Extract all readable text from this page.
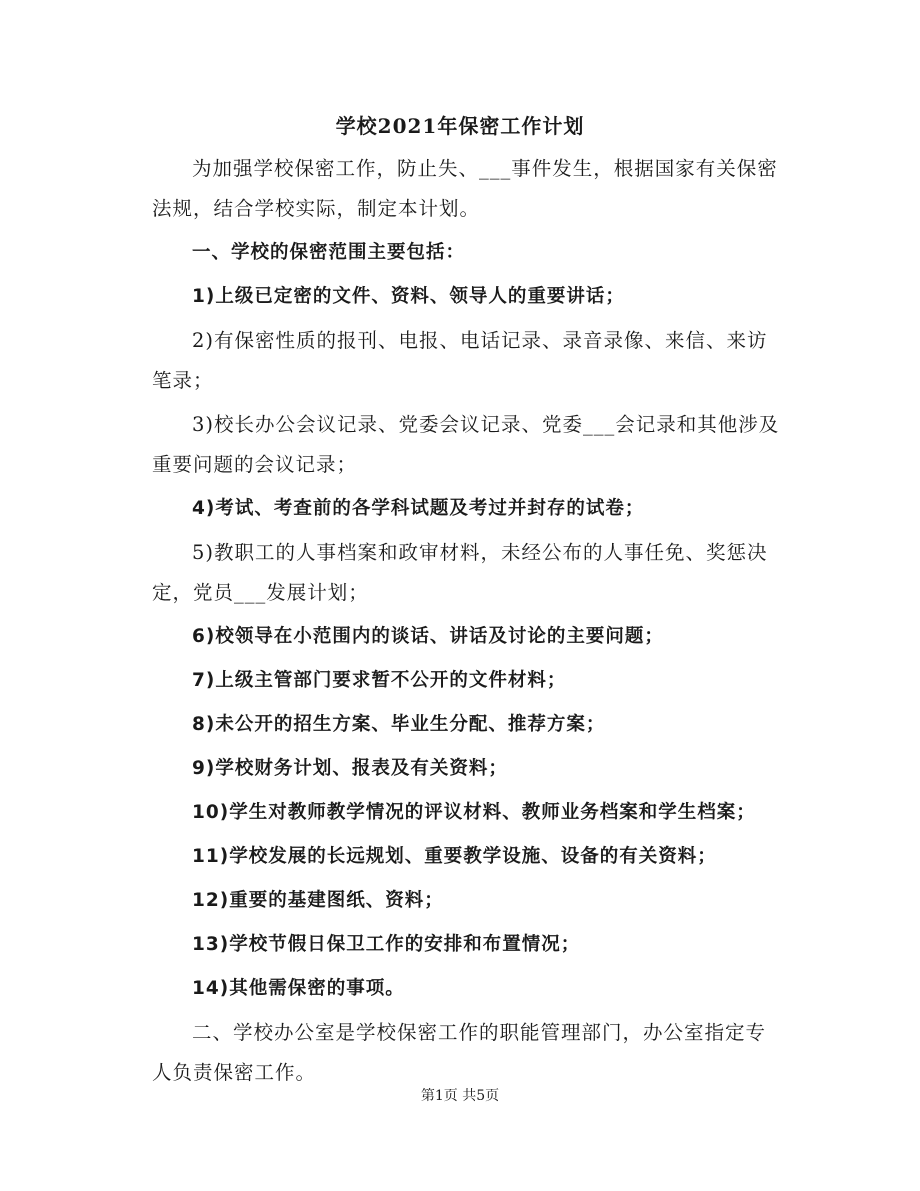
学校2021年保密工作计划

为加强学校保密工作，防止失、___事件发生，根据国家有关保密法规，结合学校实际，制定本计划。

一、学校的保密范围主要包括：

1)上级已定密的文件、资料、领导人的重要讲话；

2)有保密性质的报刊、电报、电话记录、录音录像、来信、来访笔录；

3)校长办公会议记录、党委会议记录、党委___会记录和其他涉及重要问题的会议记录；

4)考试、考查前的各学科试题及考过并封存的试卷；

5)教职工的人事档案和政审材料，未经公布的人事任免、奖惩决定，党员___发展计划；

6)校领导在小范围内的谈话、讲话及讨论的主要问题；

7)上级主管部门要求暂不公开的文件材料；

8)未公开的招生方案、毕业生分配、推荐方案；

9)学校财务计划、报表及有关资料；

10)学生对教师教学情况的评议材料、教师业务档案和学生档案；

11)学校发展的长远规划、重要教学设施、设备的有关资料；

12)重要的基建图纸、资料；

13)学校节假日保卫工作的安排和布置情况；

14)其他需保密的事项。

二、学校办公室是学校保密工作的职能管理部门，办公室指定专人负责保密工作。

第1页 共5页
